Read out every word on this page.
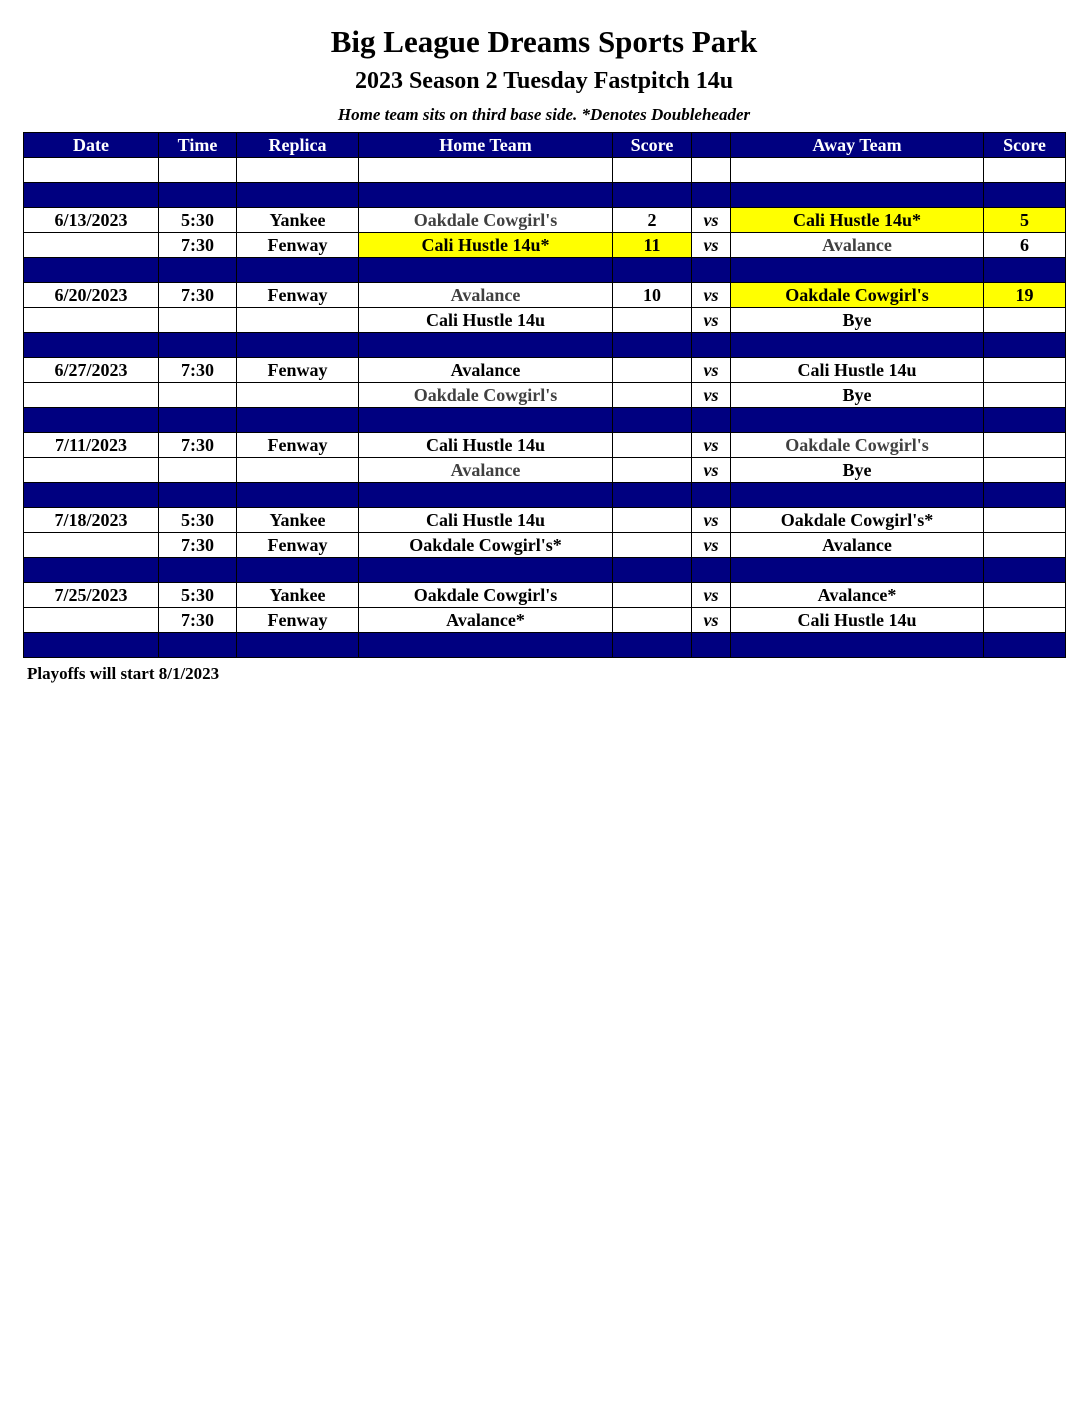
Big League Dreams Sports Park
2023 Season 2 Tuesday Fastpitch 14u
Home team sits on third base side. *Denotes Doubleheader
Date	Time	Replica	Home Team	Score		Away Team	Score

6/13/2023	5:30	Yankee	Oakdale Cowgirl's	2	vs	Cali Hustle 14u*	5
	7:30	Fenway	Cali Hustle 14u*	11	vs	Avalance	6

6/20/2023	7:30	Fenway	Avalance	10	vs	Oakdale Cowgirl's	19
			Cali Hustle 14u		vs	Bye	

6/27/2023	7:30	Fenway	Avalance		vs	Cali Hustle 14u	
			Oakdale Cowgirl's		vs	Bye	

7/11/2023	7:30	Fenway	Cali Hustle 14u		vs	Oakdale Cowgirl's	
			Avalance		vs	Bye	

7/18/2023	5:30	Yankee	Cali Hustle 14u		vs	Oakdale Cowgirl's*	
	7:30	Fenway	Oakdale Cowgirl's*		vs	Avalance	

7/25/2023	5:30	Yankee	Oakdale Cowgirl's		vs	Avalance*	
	7:30	Fenway	Avalance*		vs	Cali Hustle 14u	

Playoffs will start 8/1/2023
